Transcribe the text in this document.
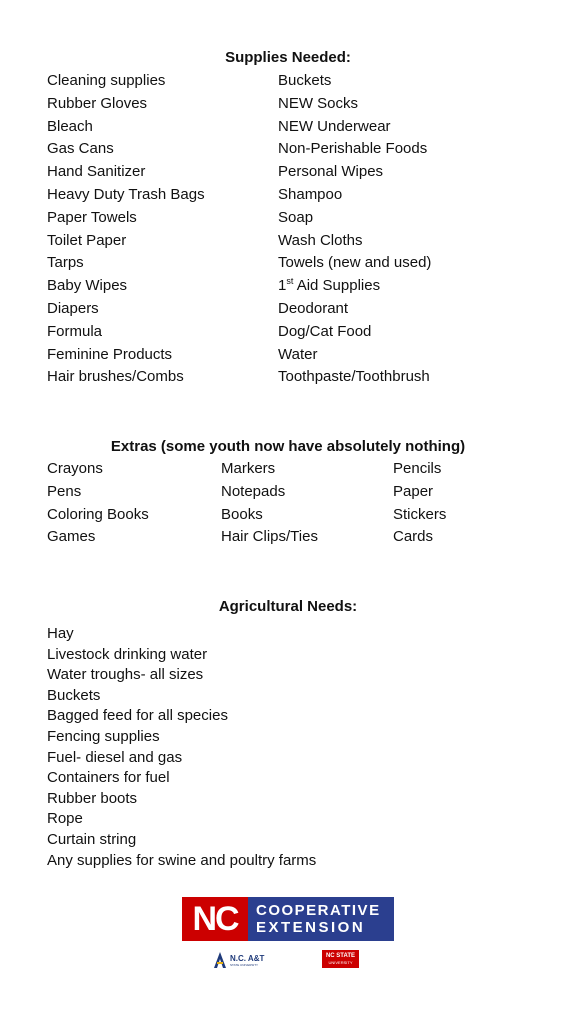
Supplies Needed:
Cleaning supplies
Rubber Gloves
Bleach
Gas Cans
Hand Sanitizer
Heavy Duty Trash Bags
Paper Towels
Toilet Paper
Tarps
Baby Wipes
Diapers
Formula
Feminine Products
Hair brushes/Combs
Buckets
NEW Socks
NEW Underwear
Non-Perishable Foods
Personal Wipes
Shampoo
Soap
Wash Cloths
Towels (new and used)
1st Aid Supplies
Deodorant
Dog/Cat Food
Water
Toothpaste/Toothbrush
Extras (some youth now have absolutely nothing)
Crayons
Pens
Coloring Books
Games
Markers
Notepads
Books
Hair Clips/Ties
Pencils
Paper
Stickers
Cards
Agricultural Needs:
Hay
Livestock drinking water
Water troughs- all sizes
Buckets
Bagged feed for all species
Fencing supplies
Fuel- diesel and gas
Containers for fuel
Rubber boots
Rope
Curtain string
Any supplies for swine and poultry farms
NC	COOPERATIVE
EXTENSION
N.C. A&T
STATE UNIVERSITY
NC STATE
UNIVERSITY
